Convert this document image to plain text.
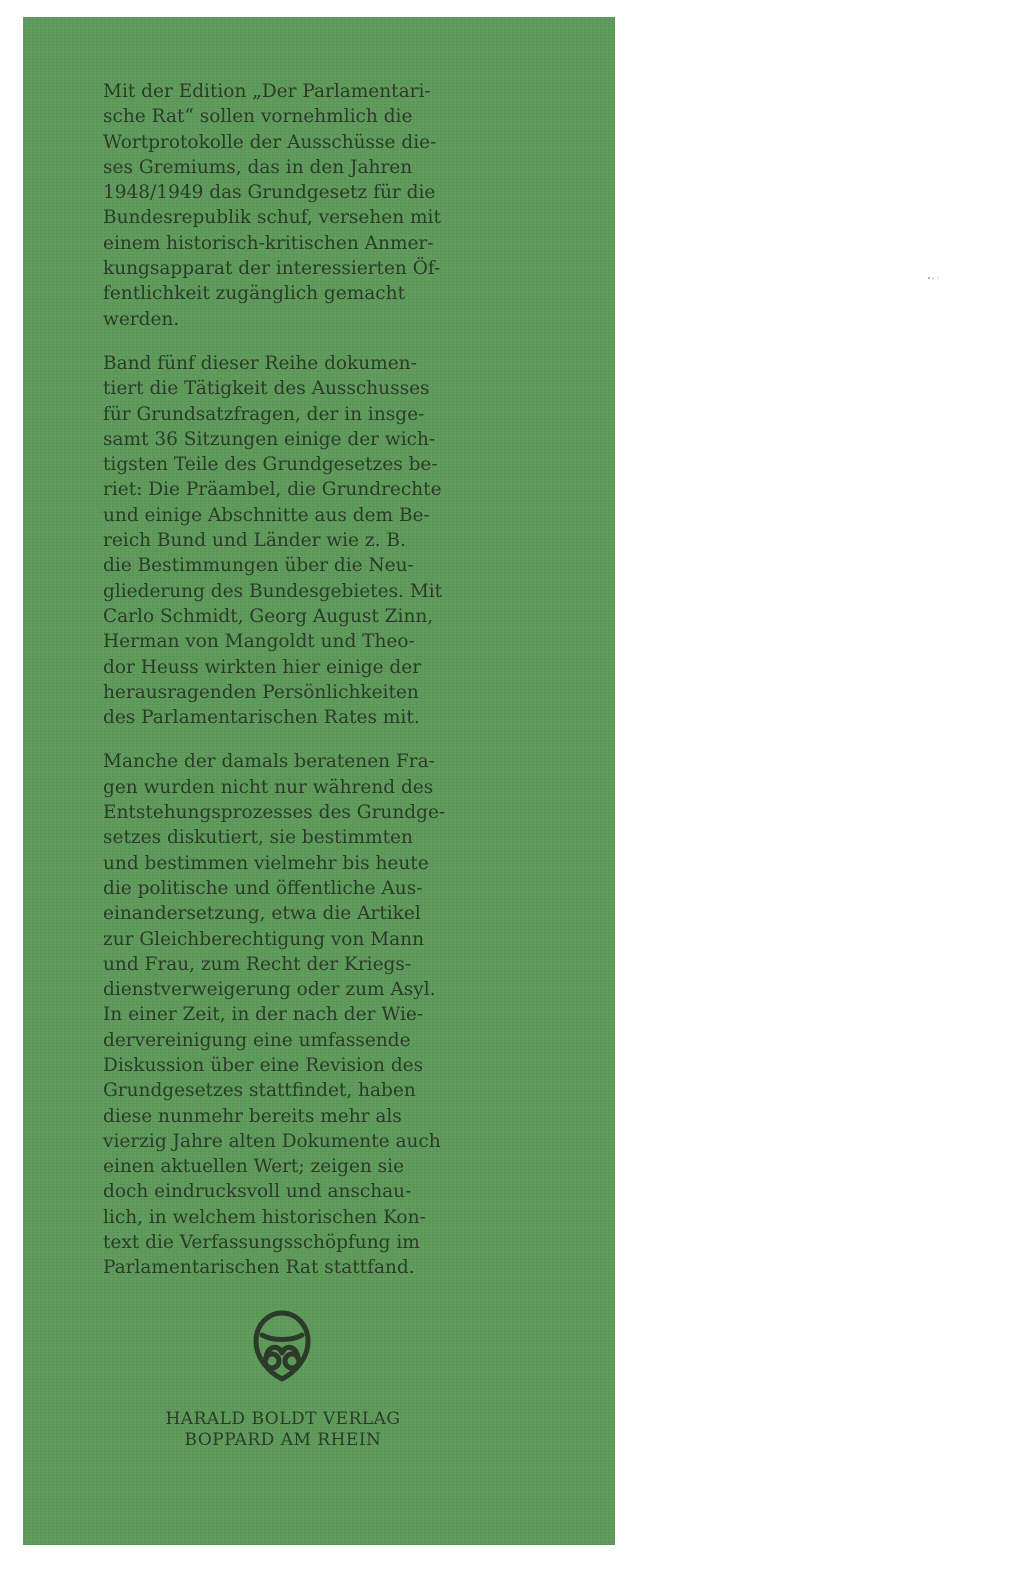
Mit der Edition „Der Parlamentari-
sche Rat“ sollen vornehmlich die
Wortprotokolle der Ausschüsse die-
ses Gremiums, das in den Jahren
1948/1949 das Grundgesetz für die
Bundesrepublik schuf, versehen mit
einem historisch-kritischen Anmer-
kungsapparat der interessierten Öf-
fentlichkeit zugänglich gemacht
werden.

Band fünf dieser Reihe dokumen-
tiert die Tätigkeit des Ausschusses
für Grundsatzfragen, der in insge-
samt 36 Sitzungen einige der wich-
tigsten Teile des Grundgesetzes be-
riet: Die Präambel, die Grundrechte
und einige Abschnitte aus dem Be-
reich Bund und Länder wie z. B.
die Bestimmungen über die Neu-
gliederung des Bundesgebietes. Mit
Carlo Schmidt, Georg August Zinn,
Herman von Mangoldt und Theo-
dor Heuss wirkten hier einige der
herausragenden Persönlichkeiten
des Parlamentarischen Rates mit.

Manche der damals beratenen Fra-
gen wurden nicht nur während des
Entstehungsprozesses des Grundge-
setzes diskutiert, sie bestimmten
und bestimmen vielmehr bis heute
die politische und öffentliche Aus-
einandersetzung, etwa die Artikel
zur Gleichberechtigung von Mann
und Frau, zum Recht der Kriegs-
dienstverweigerung oder zum Asyl.
In einer Zeit, in der nach der Wie-
dervereinigung eine umfassende
Diskussion über eine Revision des
Grundgesetzes stattfindet, haben
diese nunmehr bereits mehr als
vierzig Jahre alten Dokumente auch
einen aktuellen Wert; zeigen sie
doch eindrucksvoll und anschau-
lich, in welchem historischen Kon-
text die Verfassungsschöpfung im
Parlamentarischen Rat stattfand.

HARALD BOLDT VERLAG
BOPPARD AM RHEIN
